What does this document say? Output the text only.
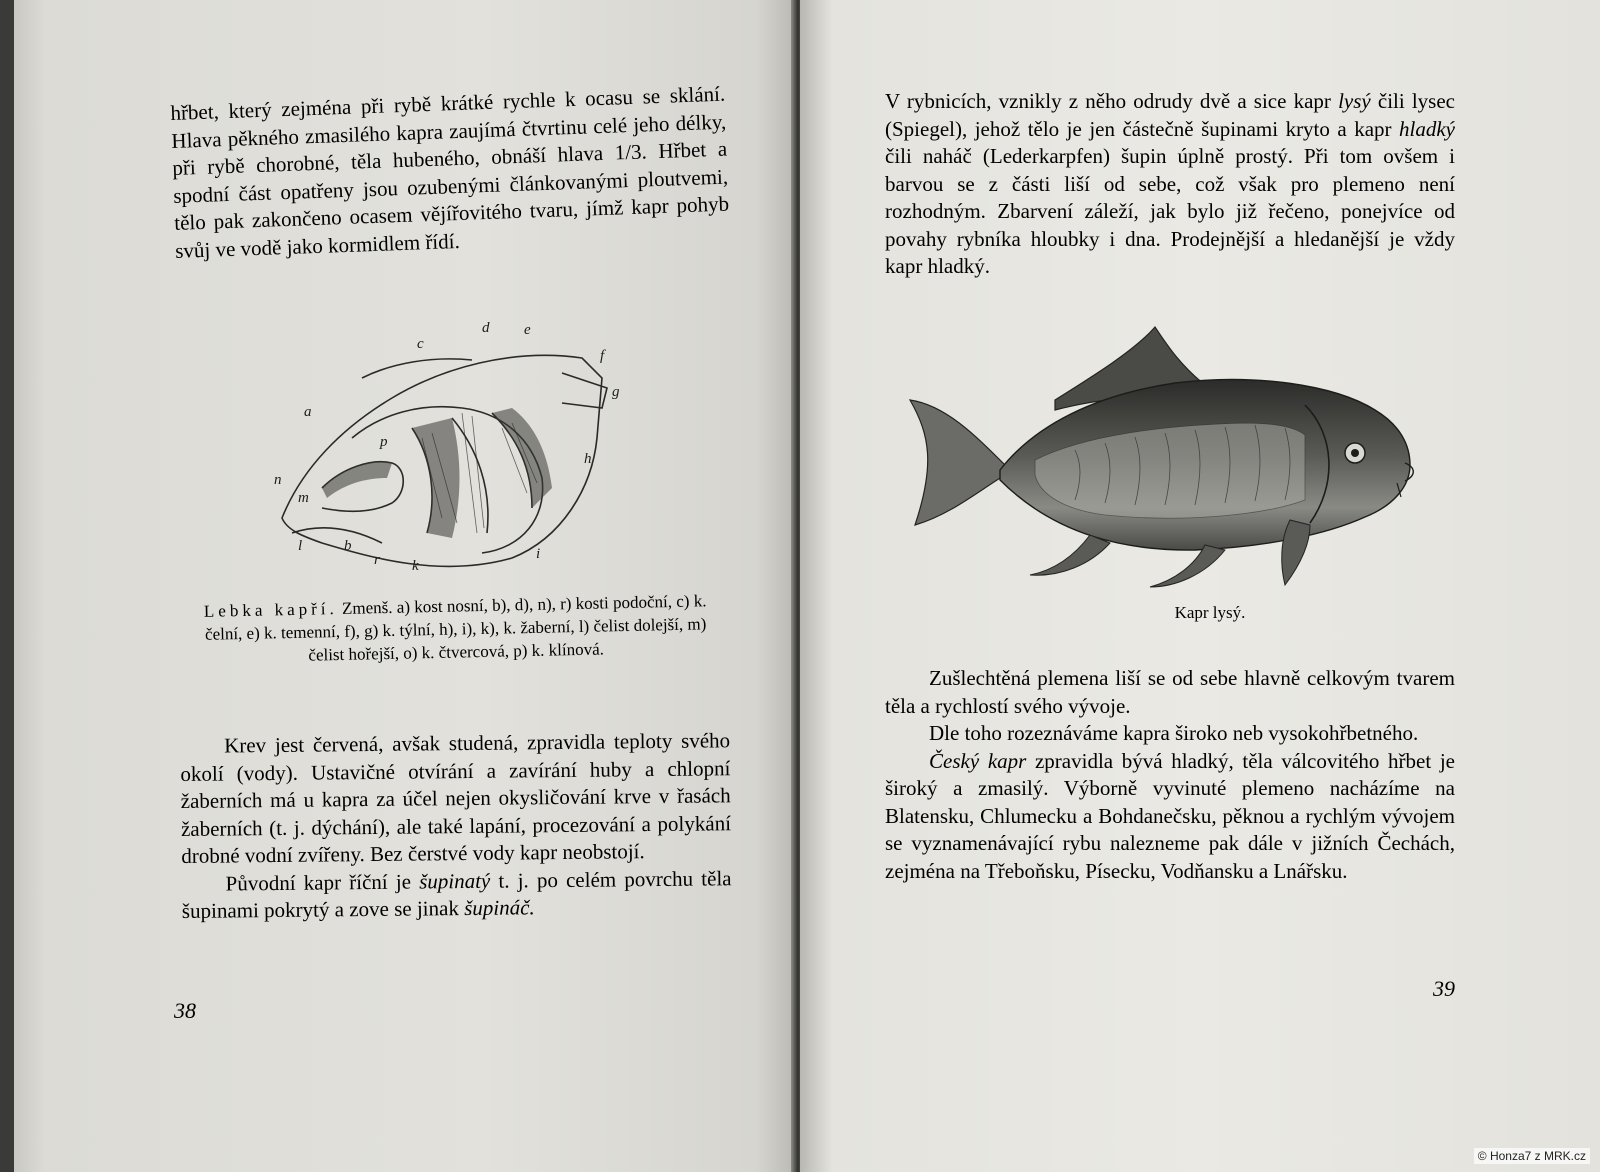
hřbet, který zejména při rybě krátké rychle k ocasu se sklání. Hlava pěkného zmasilého kapra zaujímá čtvrtinu celé jeho délky, při rybě chorobné, těla hubeného, obnáší hlava 1/3. Hřbet a spodní část opatřeny jsou ozubenými článkovanými ploutvemi, tělo pak zakončeno ocasem vějířovitého tvaru, jímž kapr pohyb svůj ve vodě jako kormidlem řídí.

d e
c
f
g
a
p
h
n
m
l	b
r k
i
Lebka kapří. Zmenš. a) kost nosní, b), d), n), r) kosti podoční, c) k. čelní, e) k. temenní, f), g) k. týlní, h), i), k), k. žaberní, l) čelist dolejší, m) čelist hořejší, o) k. čtvercová, p) k. klínová.

Krev jest červená, avšak studená, zpravidla teploty svého okolí (vody). Ustavičné otvírání a zavírání huby a chlopní žaberních má u kapra za účel nejen okysličování krve v řasách žaberních (t. j. dýchání), ale také lapání, procezování a polykání drobné vodní zvířeny. Bez čerstvé vody kapr neobstojí.

Původní kapr říční je šupinatý t. j. po celém povrchu těla šupinami pokrytý a zove se jinak šupináč.

38

V rybnicích, vznikly z něho odrudy dvě a sice kapr lysý čili lysec (Spiegel), jehož tělo je jen částečně šupinami kryto a kapr hladký čili naháč (Lederkarpfen) šupin úplně prostý. Při tom ovšem i barvou se z části liší od sebe, což však pro plemeno není rozhodným. Zbarvení záleží, jak bylo již řečeno, ponejvíce od povahy rybníka hloubky i dna. Prodejnější a hledanější je vždy kapr hladký.

Kapr lysý.

Zušlechtěná plemena liší se od sebe hlavně celkovým tvarem těla a rychlostí svého vývoje.

Dle toho rozeznáváme kapra široko neb vysokohřbetného.

Český kapr zpravidla bývá hladký, těla válcovitého hřbet je široký a zmasilý. Výborně vyvinuté plemeno nacházíme na Blatensku, Chlumecku a Bohdanečsku, pěknou a rychlým vývojem se vyznamenávající rybu nalezneme pak dále v jižních Čechách, zejména na Třeboňsku, Písecku, Vodňansku a Lnářsku.

39
© Honza7 z MRK.cz
